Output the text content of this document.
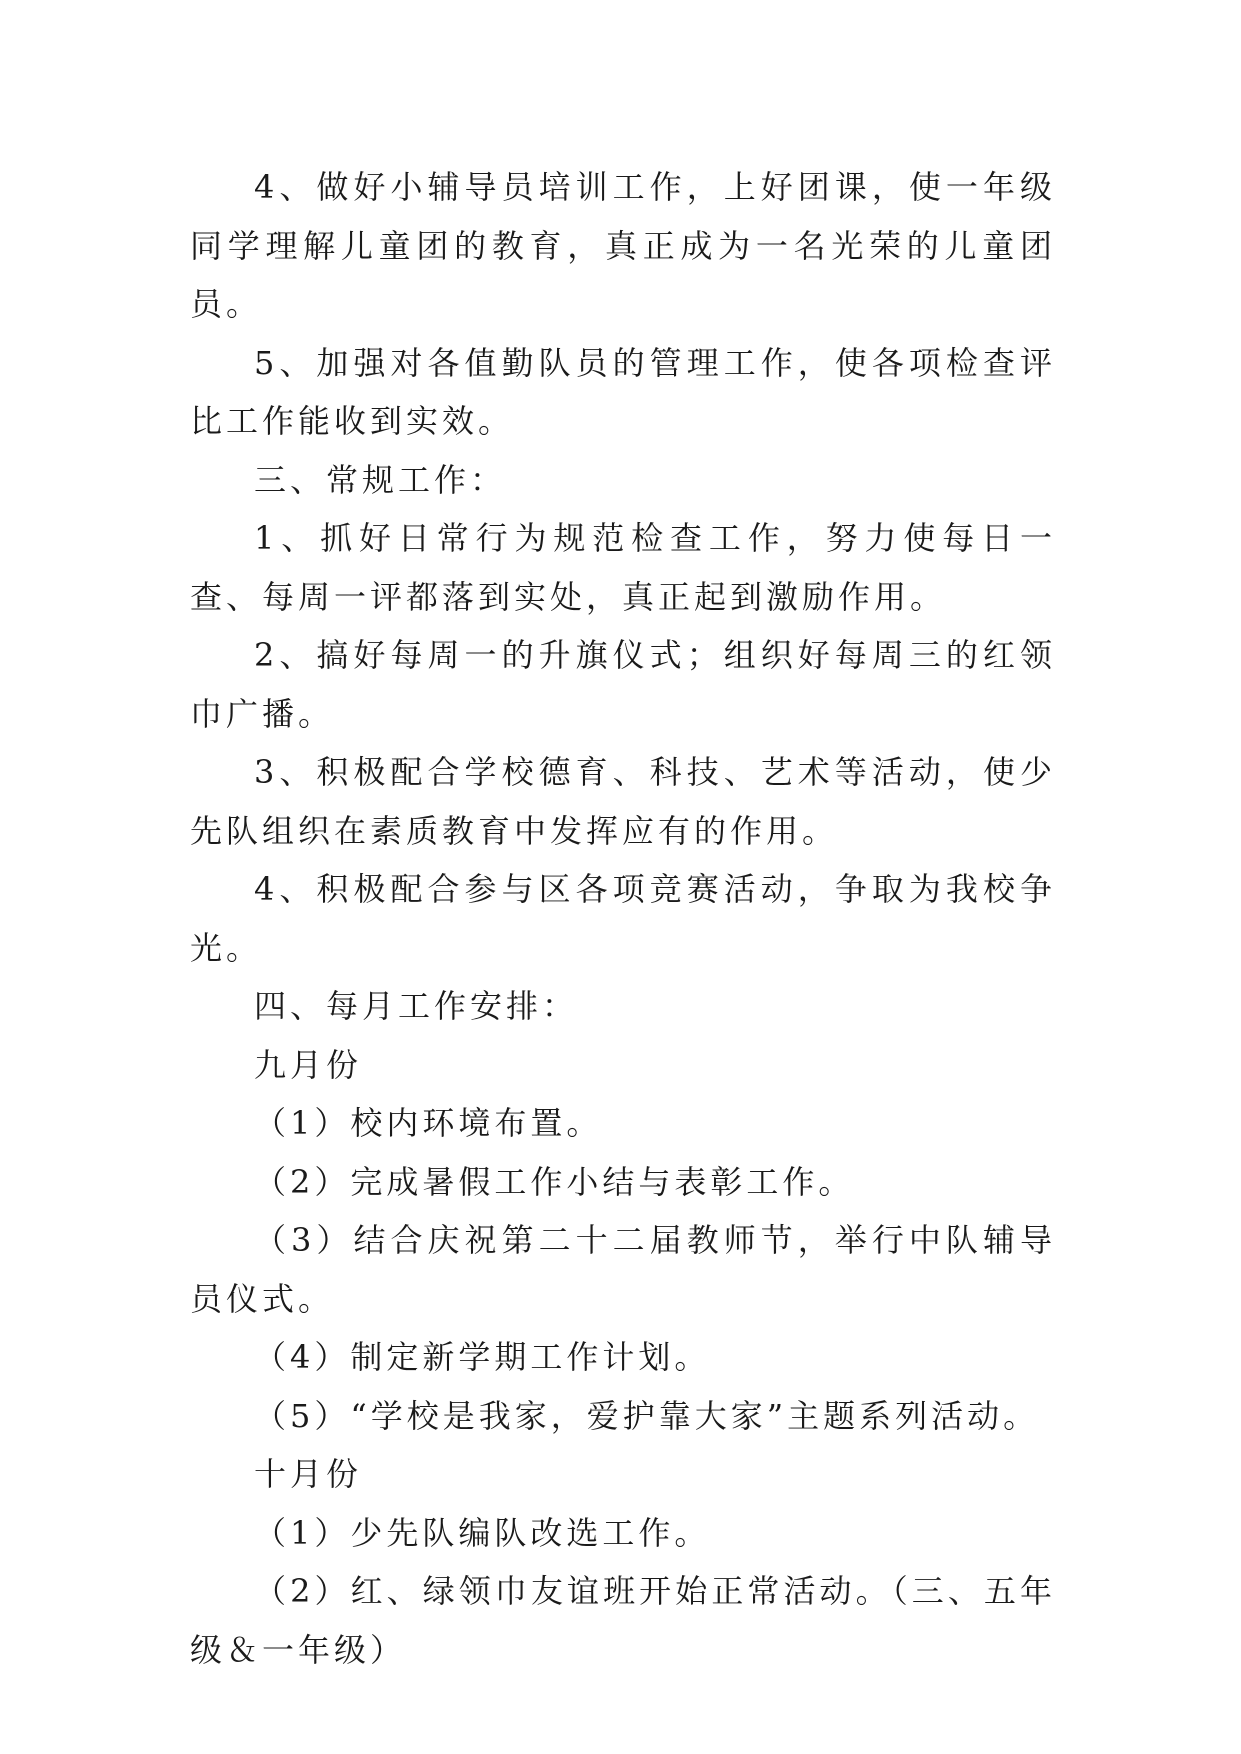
4、做好小辅导员培训工作，上好团课，使一年级同学理解儿童团的教育，真正成为一名光荣的儿童团员。

5、加强对各值勤队员的管理工作，使各项检查评比工作能收到实效。

三、常规工作：

1、抓好日常行为规范检查工作，努力使每日一查、每周一评都落到实处，真正起到激励作用。

2、搞好每周一的升旗仪式；组织好每周三的红领巾广播。

3、积极配合学校德育、科技、艺术等活动，使少先队组织在素质教育中发挥应有的作用。

4、积极配合参与区各项竞赛活动，争取为我校争光。

四、每月工作安排：

九月份

（1）校内环境布置。

（2）完成暑假工作小结与表彰工作。

（3）结合庆祝第二十二届教师节，举行中队辅导员仪式。

（4）制定新学期工作计划。

（5）“学校是我家，爱护靠大家”主题系列活动。

十月份

（1）少先队编队改选工作。

（2）红、绿领巾友谊班开始正常活动。（三、五年级＆一年级）
